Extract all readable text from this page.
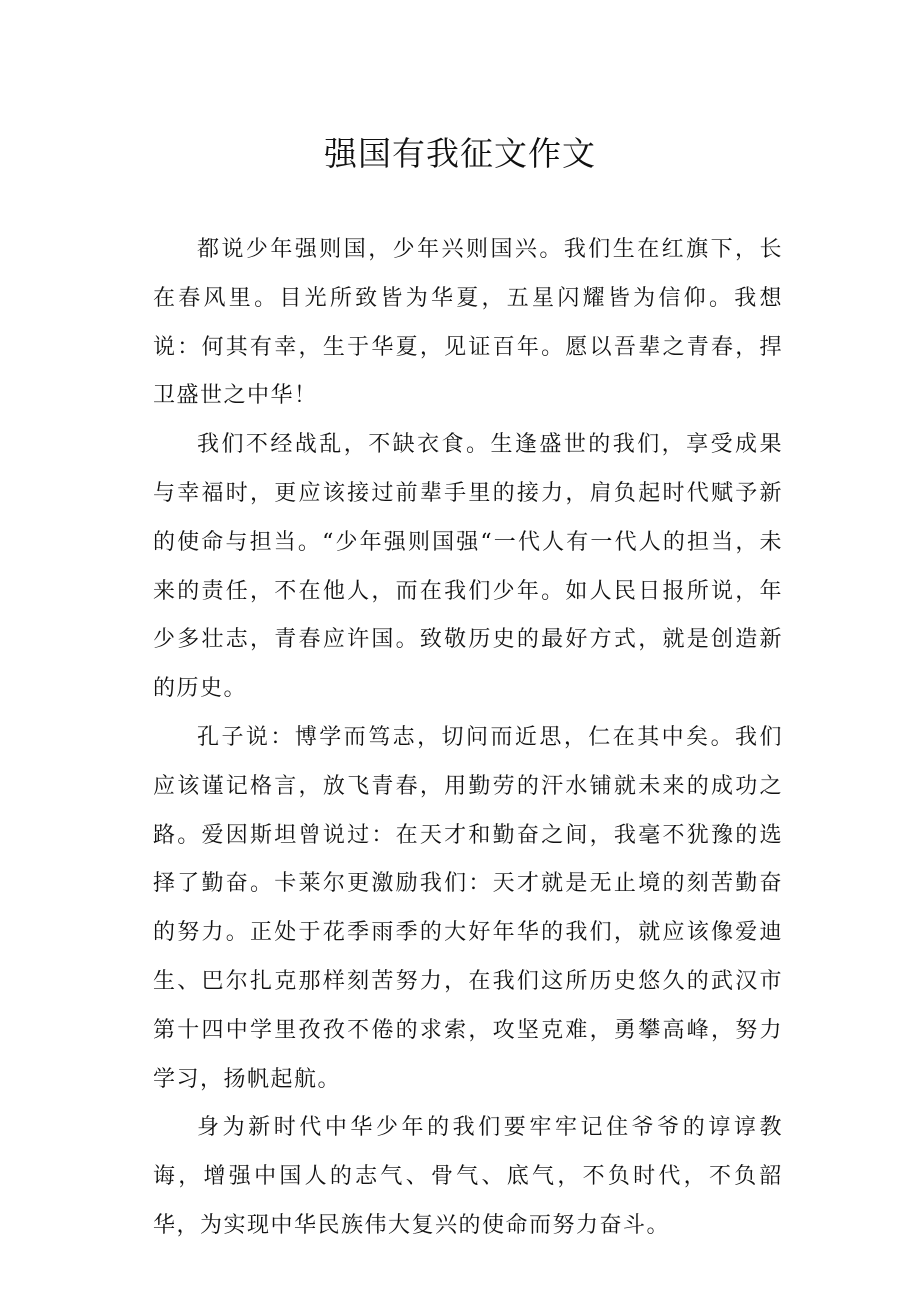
强国有我征文作文

都说少年强则国，少年兴则国兴。我们生在红旗下，长在春风里。目光所致皆为华夏，五星闪耀皆为信仰。我想说：何其有幸，生于华夏，见证百年。愿以吾辈之青春，捍卫盛世之中华！

我们不经战乱，不缺衣食。生逢盛世的我们，享受成果与幸福时，更应该接过前辈手里的接力，肩负起时代赋予新的使命与担当。“少年强则国强“一代人有一代人的担当，未来的责任，不在他人，而在我们少年。如人民日报所说，年少多壮志，青春应许国。致敬历史的最好方式，就是创造新的历史。

孔子说：博学而笃志，切问而近思，仁在其中矣。我们应该谨记格言，放飞青春，用勤劳的汗水铺就未来的成功之路。爱因斯坦曾说过：在天才和勤奋之间，我毫不犹豫的选择了勤奋。卡莱尔更激励我们：天才就是无止境的刻苦勤奋的努力。正处于花季雨季的大好年华的我们，就应该像爱迪生、巴尔扎克那样刻苦努力，在我们这所历史悠久的武汉市第十四中学里孜孜不倦的求索，攻坚克难，勇攀高峰，努力学习，扬帆起航。

身为新时代中华少年的我们要牢牢记住爷爷的谆谆教诲，增强中国人的志气、骨气、底气，不负时代，不负韶华，为实现中华民族伟大复兴的使命而努力奋斗。
